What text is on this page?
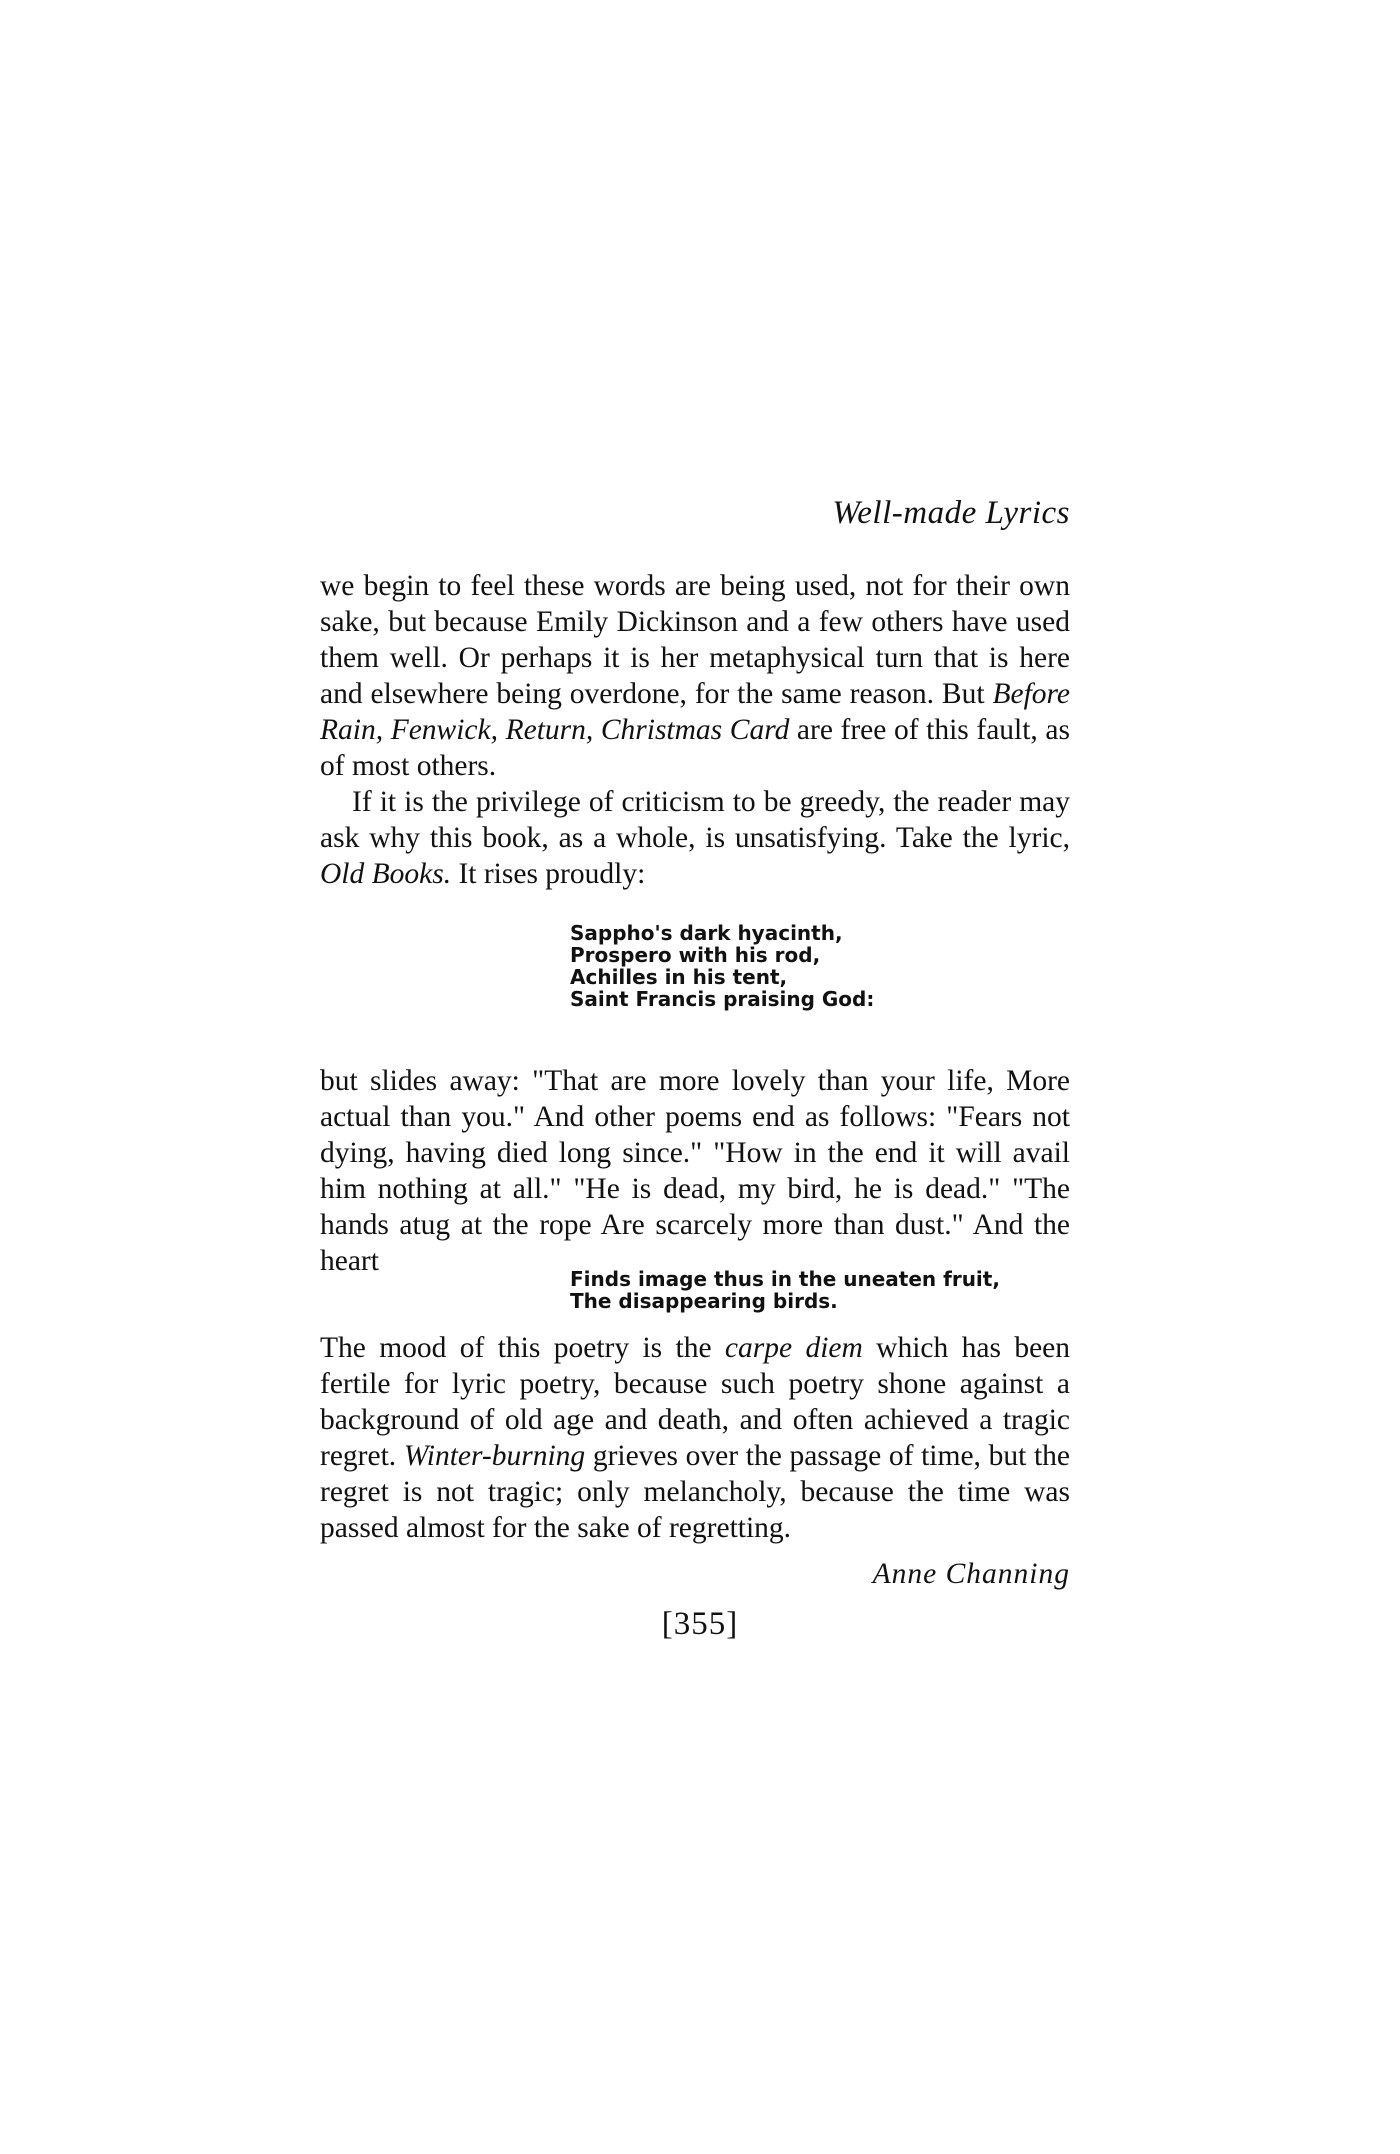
Well-made Lyrics

we begin to feel these words are being used, not for their own sake, but because Emily Dickinson and a few others have used them well. Or perhaps it is her metaphysical turn that is here and elsewhere being overdone, for the same reason. But Before Rain, Fenwick, Return, Christmas Card are free of this fault, as of most others.

If it is the privilege of criticism to be greedy, the reader may ask why this book, as a whole, is unsatisfying. Take the lyric, Old Books. It rises proudly:

Sappho's dark hyacinth,
Prospero with his rod,
Achilles in his tent,
Saint Francis praising God:

but slides away: "That are more lovely than your life, More actual than you." And other poems end as follows: "Fears not dying, having died long since." "How in the end it will avail him nothing at all." "He is dead, my bird, he is dead." "The hands atug at the rope Are scarcely more than dust." And the heart

Finds image thus in the uneaten fruit,
The disappearing birds.

The mood of this poetry is the carpe diem which has been fertile for lyric poetry, because such poetry shone against a background of old age and death, and often achieved a tragic regret. Winter-burning grieves over the passage of time, but the regret is not tragic; only melancholy, because the time was passed almost for the sake of regretting.

Anne Channing
[355]
